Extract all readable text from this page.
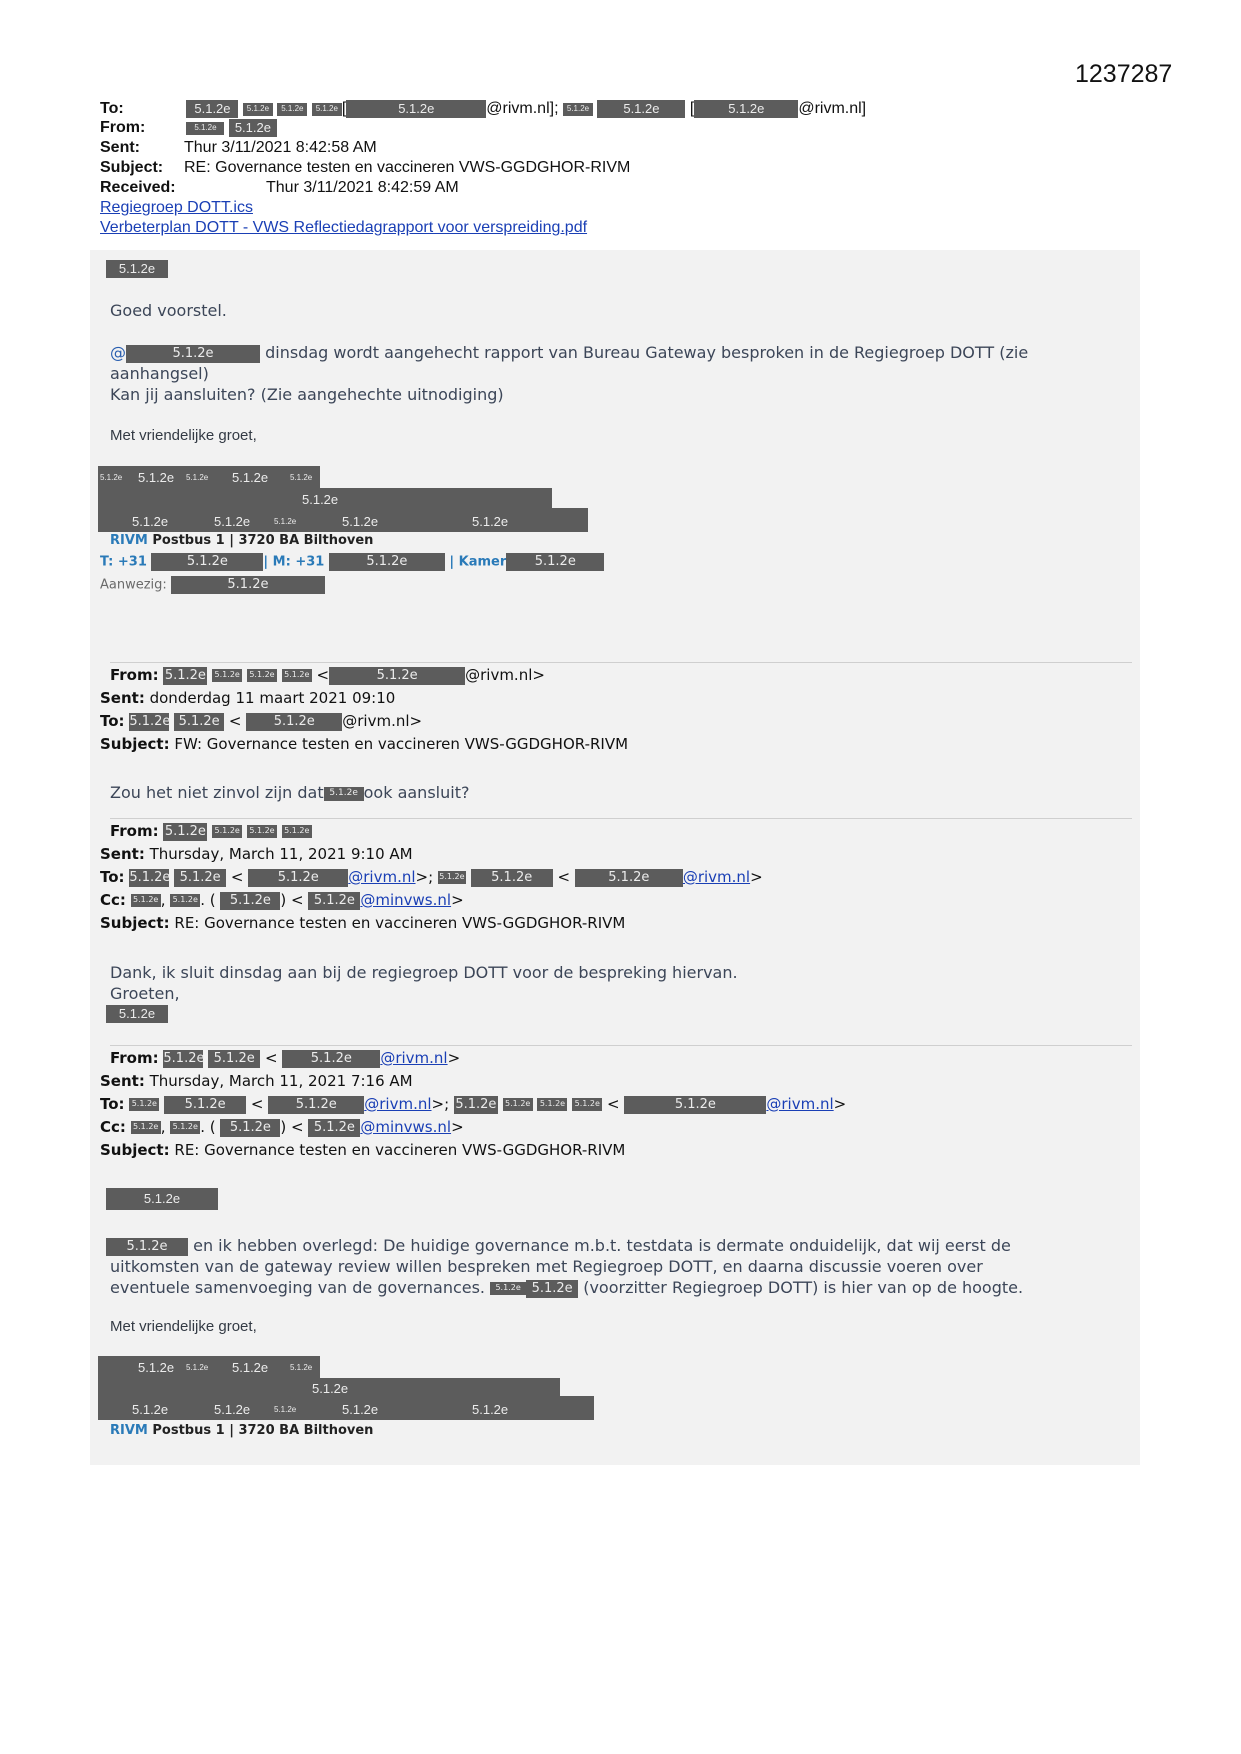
1237287
To:	5.1.2e 5.1.2e 5.1.2e 5.1.2e [	5.1.2e	@rivm.nl]; 5.1.2e	5.1.2e [	5.1.2e @rivm.nl]
From:	5.1.2e 5.1.2e
Sent:	Thur 3/11/2021 8:42:58 AM
Subject: RE: Governance testen en vaccineren VWS-GGDGHOR-RIVM
Received:	Thur 3/11/2021 8:42:59 AM
Regiegroep DOTT.ics
Verbeterplan DOTT - VWS Reflectiedagrapport voor verspreiding.pdf
5.1.2e
Goed voorstel.
@	5.1.2e	dinsdag wordt aangehecht rapport van Bureau Gateway besproken in de Regiegroep DOTT (zie
aanhangsel)
Kan jij aansluiten? (Zie aangehechte uitnodiging)
Met vriendelijke groet,
5.1.2e 5.1.2e 5.1.2e 5.1.2e	5.1.2e
5.1.2e
5.1.2e	5.1.2e	5.1.2e	5.1.2e	5.1.2e
RIVM Postbus 1 | 3720 BA Bilthoven
T: +31	5.1.2e	| M: +31	5.1.2e	| Kamer 5.1.2e
Aanwezig:	5.1.2e
From: 5.1.2e 5.1.2e 5.1.2e 5.1.2e <	5.1.2e	@rivm.nl>
Sent: donderdag 11 maart 2021 09:10
To: 5.1.2e 5.1.2e < 5.1.2e @rivm.nl>
Subject: FW: Governance testen en vaccineren VWS-GGDGHOR-RIVM
Zou het niet zinvol zijn dat 5.1.2e ook aansluit?
From: 5.1.2e 5.1.2e 5.1.2e 5.1.2e
Sent: Thursday, March 11, 2021 9:10 AM
To: 5.1.2e 5.1.2e <	5.1.2e @rivm.nl>; 5.1.2e 5.1.2e <	5.1.2e @rivm.nl>
Cc: 5.1.2e , 5.1.2e . ( 5.1.2e ) < 5.1.2e @minvws.nl>
Subject: RE: Governance testen en vaccineren VWS-GGDGHOR-RIVM
Dank, ik sluit dinsdag aan bij de regiegroep DOTT voor de bespreking hiervan.
Groeten,
5.1.2e
From: 5.1.2e 5.1.2e <	5.1.2e @rivm.nl>
Sent: Thursday, March 11, 2021 7:16 AM
To: 5.1.2e 5.1.2e < 5.1.2e @rivm.nl>; 5.1.2e 5.1.2e 5.1.2e 5.1.2e <	5.1.2e	@rivm.nl>
Cc: 5.1.2e , 5.1.2e . ( 5.1.2e ) < 5.1.2e @minvws.nl>
Subject: RE: Governance testen en vaccineren VWS-GGDGHOR-RIVM
5.1.2e
5.1.2e en ik hebben overlegd: De huidige governance m.b.t. testdata is dermate onduidelijk, dat wij eerst de
uitkomsten van de gateway review willen bespreken met Regiegroep DOTT, en daarna discussie voeren over
eventuele samenvoeging van de governances. 5.1.2e 5.1.2e (voorzitter Regiegroep DOTT) is hier van op de hoogte.
Met vriendelijke groet,
5.1.2e 5.1.2e 5.1.2e	5.1.2e
5.1.2e
5.1.2e	5.1.2e	5.1.2e	5.1.2e	5.1.2e
RIVM Postbus 1 | 3720 BA Bilthoven
